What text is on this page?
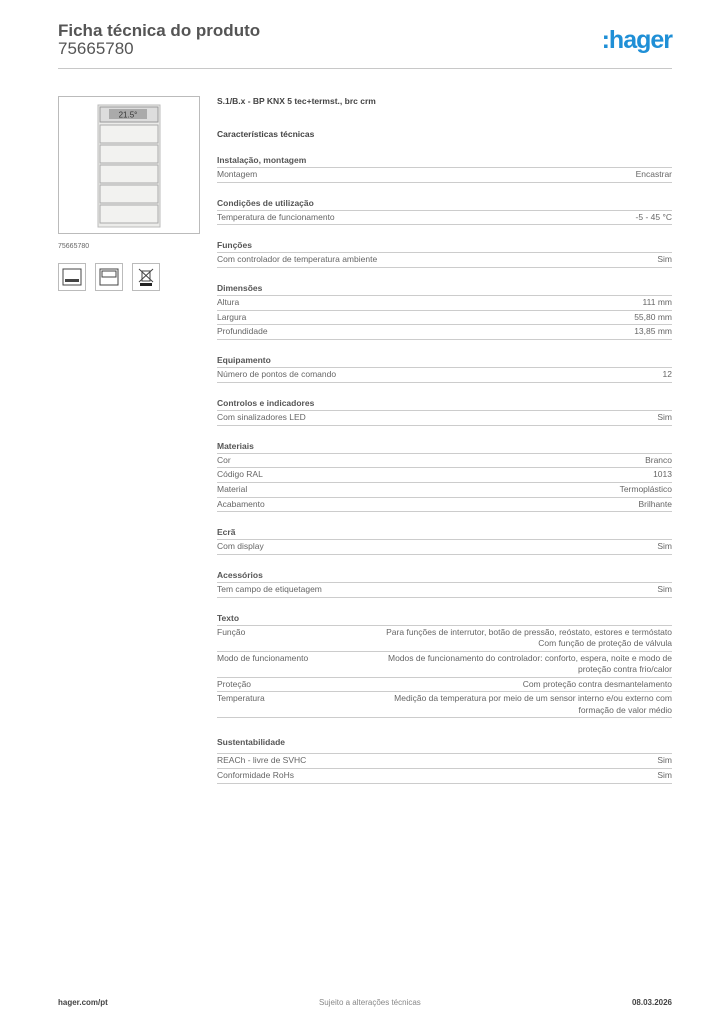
Ficha técnica do produto
75665780	:hager
21.5°
75665780
S.1/B.x - BP KNX 5 tec+termst., brc crm
Características técnicas
Instalação, montagem
Montagem	Encastrar
Condições de utilização
Temperatura de funcionamento	-5 - 45 °C
Funções
Com controlador de temperatura ambiente	Sim
Dimensões
Altura	111 mm
Largura	55,80 mm
Profundidade	13,85 mm
Equipamento
Número de pontos de comando	12
Controlos e indicadores
Com sinalizadores LED	Sim
Materiais
Cor	Branco
Código RAL	1013
Material	Termoplástico
Acabamento	Brilhante
Ecrã
Com display	Sim
Acessórios
Tem campo de etiquetagem	Sim
Texto
Função	Para funções de interrutor, botão de pressão, reóstato, estores e termóstato
Com função de proteção de válvula
Modo de funcionamento	Modos de funcionamento do controlador: conforto, espera, noite e modo de proteção contra frio/calor
Proteção	Com proteção contra desmantelamento
Temperatura	Medição da temperatura por meio de um sensor interno e/ou externo com formação de valor médio
Sustentabilidade
REACh - livre de SVHC	Sim
Conformidade RoHs	Sim
hager.com/pt	Sujeito a alterações técnicas	08.03.2026
